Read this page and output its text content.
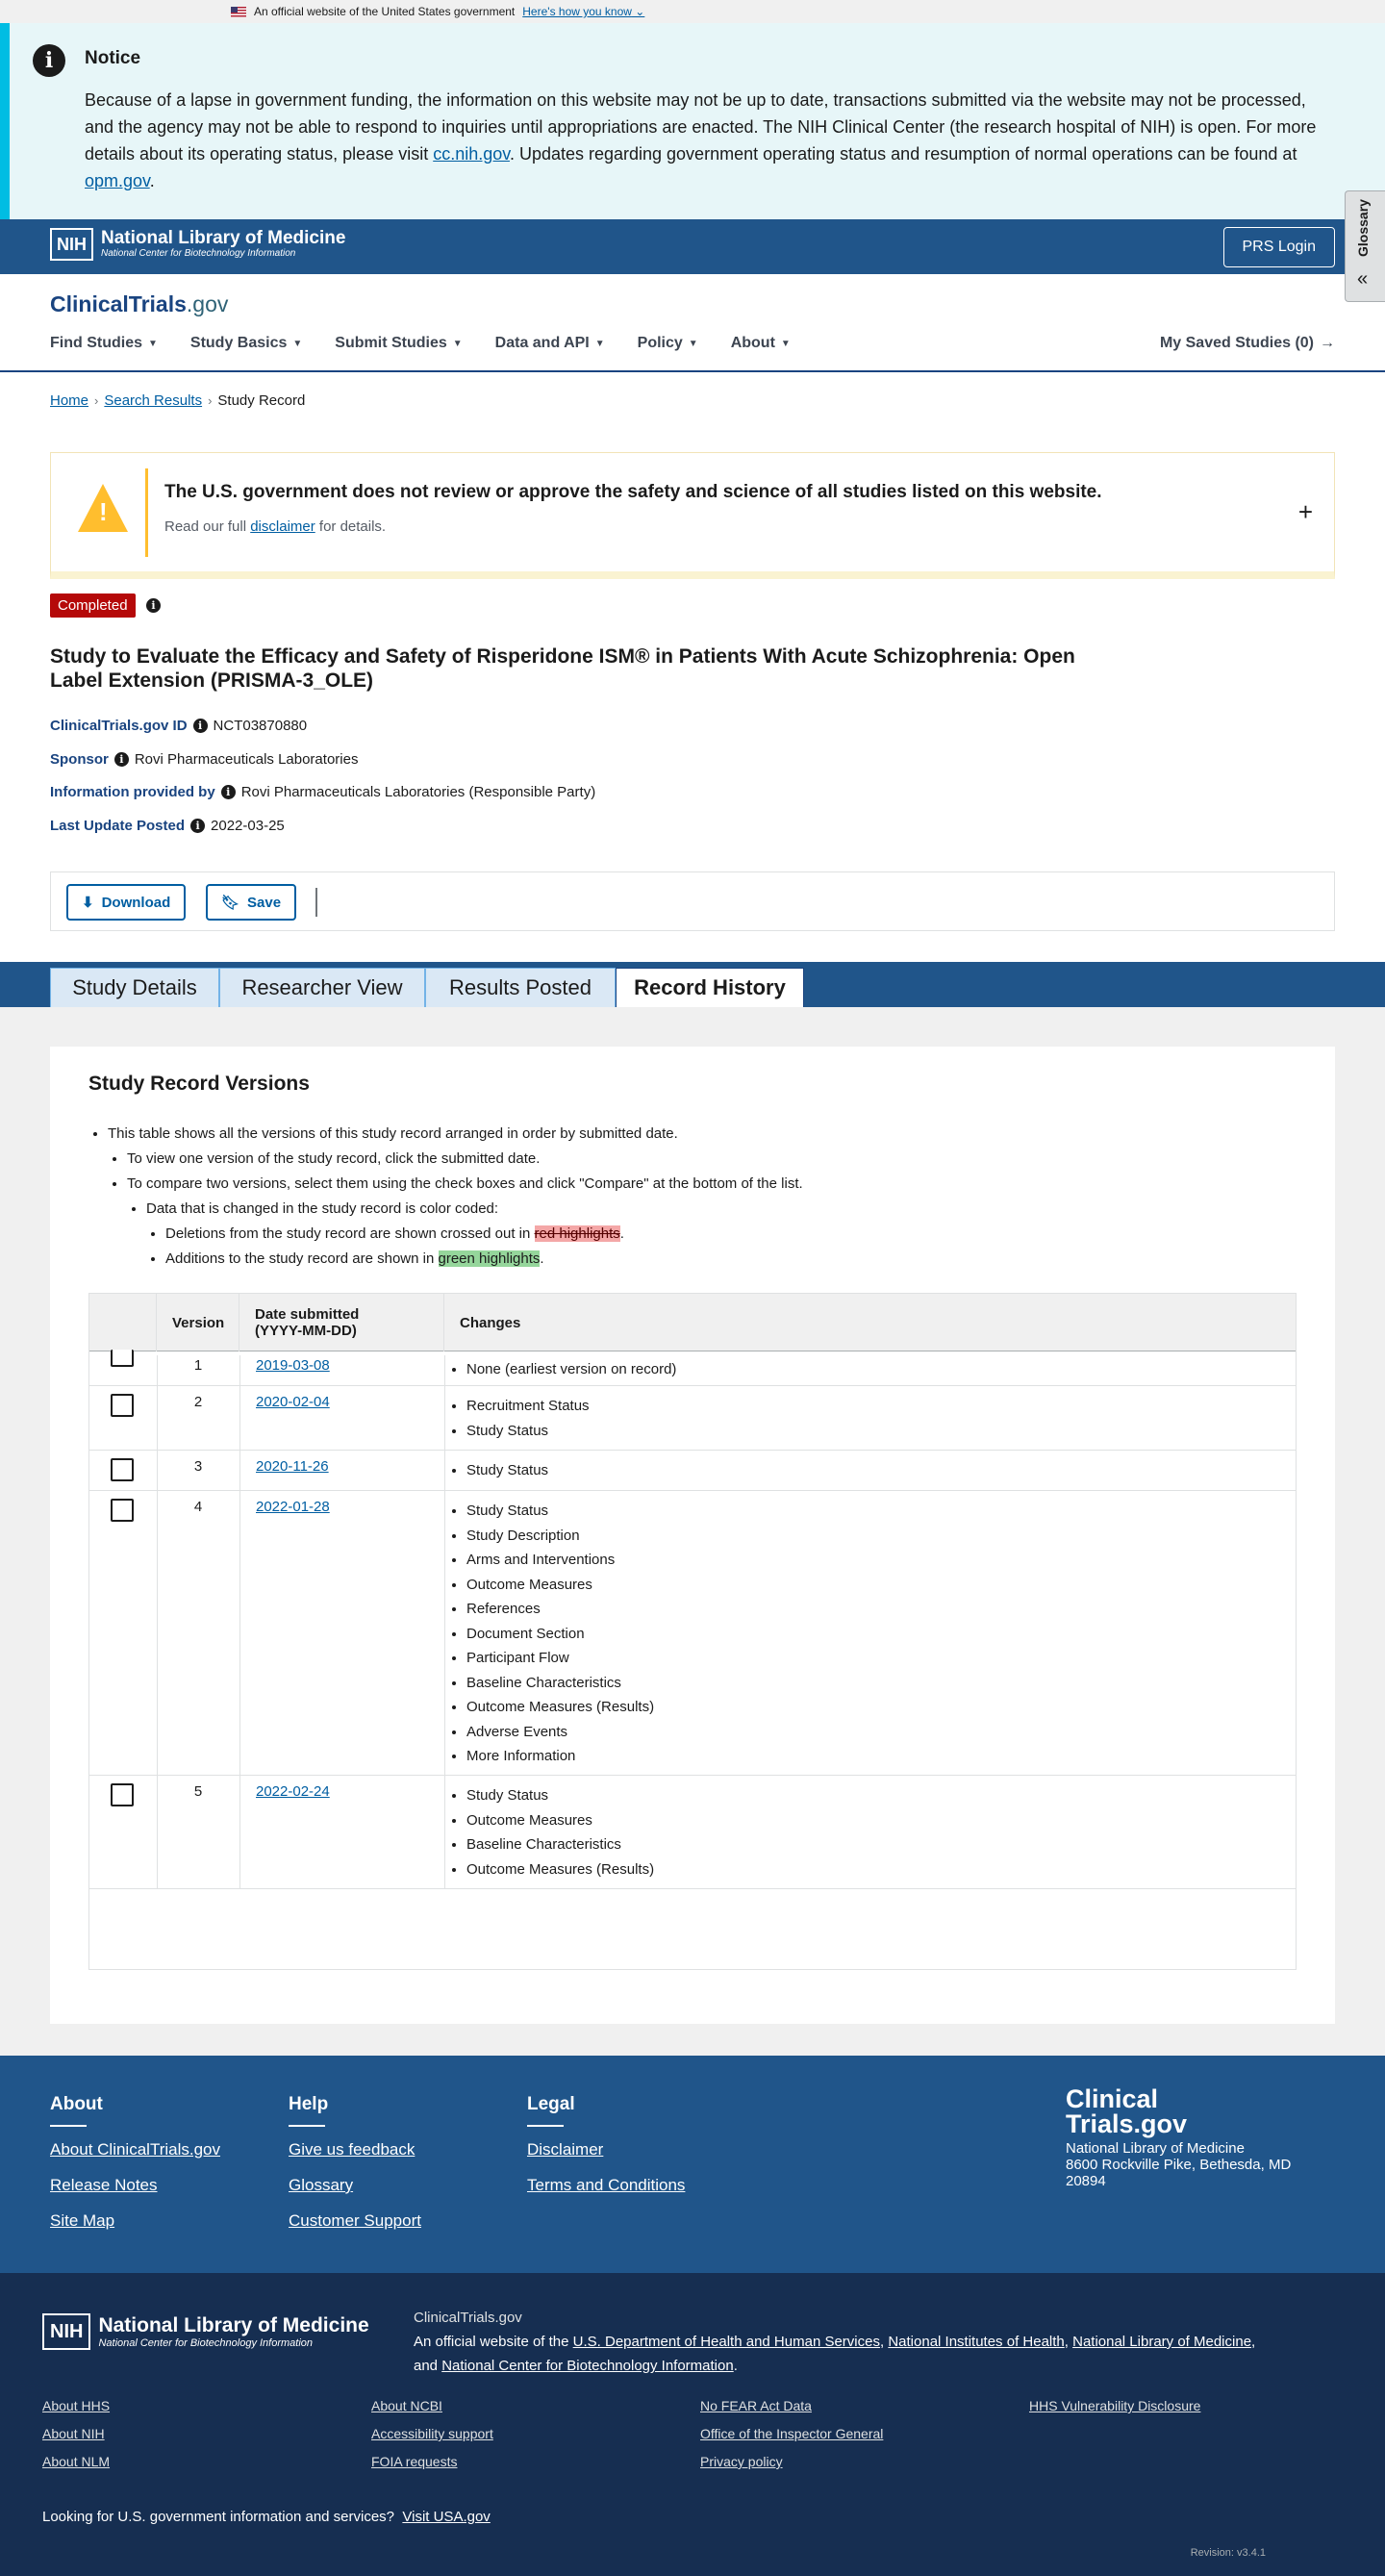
An official website of the United States government Here's how you know ⌄
i	Notice

Because of a lapse in government funding, the information on this website may not be up to date, transactions submitted via the website may not be processed, and the agency may not be able to respond to inquiries until appropriations are enacted. The NIH Clinical Center (the research hospital of NIH) is open. For more details about its operating status, please visit cc.nih.gov. Updates regarding government operating status and resumption of normal operations can be found at opm.gov.

NIH National Library of Medicine
National Center for Biotechnology Information	PRS Login	Glossary
«
ClinicalTrials.gov
Find Studies ▼ Study Basics ▼ Submit Studies ▼ Data and API ▼ Policy ▼ About ▼	My Saved Studies (0) →
Home › Search Results › Study Record
!
The U.S. government does not review or approve the safety and science of all studies listed on this website.

Read our full disclaimer for details.

+
Completed	i
Study to Evaluate the Efficacy and Safety of Risperidone ISM® in Patients With Acute Schizophrenia: Open Label Extension (PRISMA-3_OLE)
ClinicalTrials.gov ID	i NCT03870880
Sponsor	i Rovi Pharmaceuticals Laboratories
Information provided by	i Rovi Pharmaceuticals Laboratories (Responsible Party)
Last Update Posted	i 2022-03-25
⬇ Download	🔖︎ Save
Study Details	Researcher View	Results Posted	Record History
Study Record Versions
• This table shows all the versions of this study record arranged in order by submitted date.
• To view one version of the study record, click the submitted date.
• To compare two versions, select them using the check boxes and click "Compare" at the bottom of the list.
• Data that is changed in the study record is color coded:
• Deletions from the study record are shown crossed out in red highlights.
• Additions to the study record are shown in green highlights.
Version	Date submitted
(YYYY-MM-DD)	Changes
1	2019-03-08	• None (earliest version on record)
2	2020-02-04	• Recruitment Status
• Study Status
3	2020-11-26	• Study Status
4	2022-01-28	• Study Status
• Study Description
• Arms and Interventions
• Outcome Measures
• References
• Document Section
• Participant Flow
• Baseline Characteristics
• Outcome Measures (Results)
• Adverse Events
• More Information
5	2022-02-24	• Study Status
• Outcome Measures
• Baseline Characteristics
• Outcome Measures (Results)
About
About ClinicalTrials.gov
Release Notes
Site Map
Help
Give us feedback
Glossary
Customer Support
Legal
Disclaimer
Terms and Conditions
Clinical
Trials.gov
National Library of Medicine
8600 Rockville Pike, Bethesda, MD 20894
NIH National Library of Medicine
National Center for Biotechnology Information
ClinicalTrials.gov
An official website of the U.S. Department of Health and Human Services, National Institutes of Health, National Library of Medicine,
and National Center for Biotechnology Information.
About HHS
About NIH
About NLM
About NCBI
Accessibility support
FOIA requests
No FEAR Act Data
Office of the Inspector General
Privacy policy
HHS Vulnerability Disclosure
Looking for U.S. government information and services? Visit USA.gov
Revision: v3.4.1
